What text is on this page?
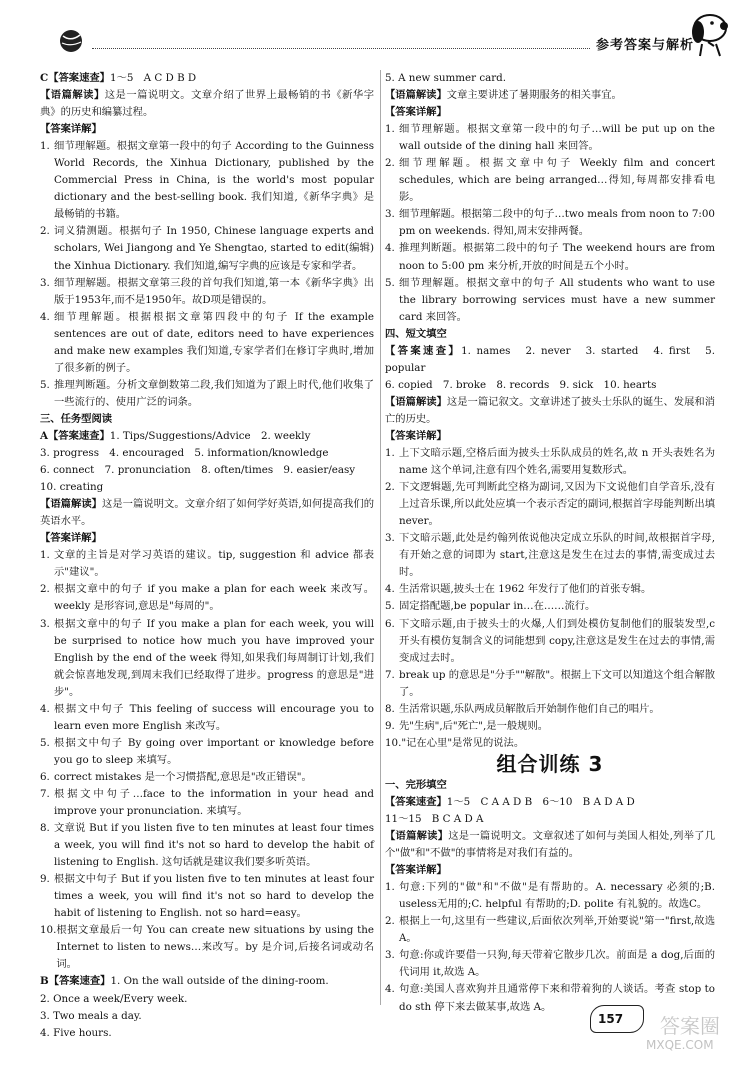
参考答案与解析

C【答案速查】1～5　A C D B D

【语篇解读】这是一篇说明文。文章介绍了世界上最畅销的书《新华字典》的历史和编纂过程。

【答案详解】

1. 细节理解题。根据文章第一段中的句子 According to the Guinness World Records, the Xinhua Dictionary, published by the Commercial Press in China, is the world's most popular dictionary and the best-selling book. 我们知道,《新华字典》是最畅销的书籍。
2. 词义猜测题。根据句子 In 1950, Chinese language experts and scholars, Wei Jiangong and Ye Shengtao, started to edit(编辑) the Xinhua Dictionary. 我们知道,编写字典的应该是专家和学者。
3. 细节理解题。根据文章第三段的首句我们知道,第一本《新华字典》出版于1953年,而不是1950年。故D项是错误的。
4. 细节理解题。根据根据文章第四段中的句子 If the example sentences are out of date, editors need to have experiences and make new examples 我们知道,专家学者们在修订字典时,增加了很多新的例子。
5. 推理判断题。分析文章倒数第二段,我们知道为了跟上时代,他们收集了一些流行的、使用广泛的词条。

三、任务型阅读

A【答案速查】1. Tips/Suggestions/Advice　2. weekly

3. progress　4. encouraged　5. information/knowledge

6. connect　7. pronunciation　8. often/times　9. easier/easy

10. creating

【语篇解读】这是一篇说明文。文章介绍了如何学好英语,如何提高我们的英语水平。

【答案详解】

1. 文章的主旨是对学习英语的建议。tip, suggestion 和 advice 都表示"建议"。
2. 根据文章中的句子 if you make a plan for each week 来改写。weekly 是形容词,意思是"每周的"。
3. 根据文章中的句子 If you make a plan for each week, you will be surprised to notice how much you have improved your English by the end of the week 得知,如果我们每周制订计划,我们就会惊喜地发现,到周末我们已经取得了进步。progress 的意思是"进步"。
4. 根据文中句子 This feeling of success will encourage you to learn even more English 来改写。
5. 根据文中句子 By going over important or knowledge before you go to sleep 来填写。
6. correct mistakes 是一个习惯搭配,意思是"改正错误"。
7. 根据文中句子…face to the information in your head and improve your pronunciation. 来填写。
8. 文章说 But if you listen five to ten minutes at least four times a week, you will find it's not so hard to develop the habit of listening to English. 这句话就是建议我们要多听英语。
9. 根据文中句子 But if you listen five to ten minutes at least four times a week, you will find it's not so hard to develop the habit of listening to English. not so hard=easy。
10. 根据文章最后一句 You can create new situations by using the Internet to listen to news…来改写。by 是介词,后接名词或动名词。

B【答案速查】1. On the wall outside of the dining-room.

2. Once a week/Every week.

3. Two meals a day.

4. Five hours.

5. A new summer card.

【语篇解读】文章主要讲述了暑期服务的相关事宜。

【答案详解】

1. 细节理解题。根据文章第一段中的句子…will be put up on the wall outside of the dining hall 来回答。
2. 细节理解题。根据文章中句子 Weekly film and concert schedules, which are being arranged…得知,每周都安排看电影。
3. 细节理解题。根据第二段中的句子…two meals from noon to 7:00 pm on weekends. 得知,周末安排两餐。
4. 推理判断题。根据第二段中的句子 The weekend hours are from noon to 5:00 pm 来分析,开放的时间是五个小时。
5. 细节理解题。根据文章中的句子 All students who want to use the library borrowing services must have a new summer card 来回答。

四、短文填空

【答案速查】1. names　2. never　3. started　4. first　5. popular

6. copied　7. broke　8. records　9. sick　10. hearts

【语篇解读】这是一篇记叙文。文章讲述了披头士乐队的诞生、发展和消亡的历史。

【答案详解】

1. 上下文暗示题,空格后面为披头士乐队成员的姓名,故 n 开头表姓名为 name 这个单词,注意有四个姓名,需要用复数形式。
2. 下文逻辑题,先可判断此空格为副词,又因为下文说他们自学音乐,没有上过音乐课,所以此处应填一个表示否定的副词,根据首字母能判断出填 never。
3. 下文暗示题,此处是约翰列侬说他决定成立乐队的时间,故根据首字母,有开始之意的词即为 start,注意这是发生在过去的事情,需变成过去时。
4. 生活常识题,披头士在 1962 年发行了他们的首张专辑。
5. 固定搭配题,be popular in…在……流行。
6. 下文暗示题,由于披头士的火爆,人们到处模仿复制他们的服装发型,c 开头有模仿复制含义的词能想到 copy,注意这是发生在过去的事情,需变成过去时。
7. break up 的意思是"分手""解散"。根据上下文可以知道这个组合解散了。
8. 生活常识题,乐队两成员解散后开始制作他们自己的唱片。
9. 先"生病",后"死亡",是一般规则。
10. "记在心里"是常见的说法。
组合训练 3

一、完形填空

【答案速查】1～5　C A A D B　6～10　B A D A D

11～15　B C A D A

【语篇解读】这是一篇说明文。文章叙述了如何与美国人相处,列举了几个"做"和"不做"的事情将是对我们有益的。

【答案详解】

1. 句意:下列的"做"和"不做"是有帮助的。A. necessary 必须的;B. useless无用的;C. helpful 有帮助的;D. polite 有礼貌的。故选C。
2. 根据上一句,这里有一些建议,后面依次列举,开始要说"第一"first,故选 A。
3. 句意:你或许要借一只狗,每天带着它散步几次。前面是 a dog,后面的代词用 it,故选 A。
4. 句意:美国人喜欢狗并且通常停下来和带着狗的人谈话。考查 stop to do sth 停下来去做某事,故选 A。
157 答案圈
MXQE.COM
